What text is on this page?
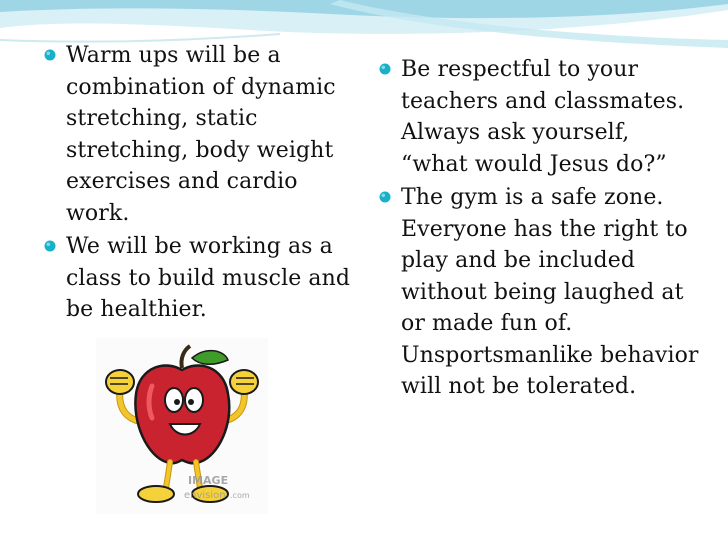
Warm ups will be a combination of dynamic stretching, static stretching, body weight exercises and cardio work.
We will be working as a class to build muscle and be healthier.
Be respectful to your teachers and classmates. Always ask yourself, “what would Jesus do?”
The gym is a safe zone. Everyone has the right to play and be included without being laughed at or made fun of. Unsportsmanlike behavior will not be tolerated.
IMAGE
envision .com
